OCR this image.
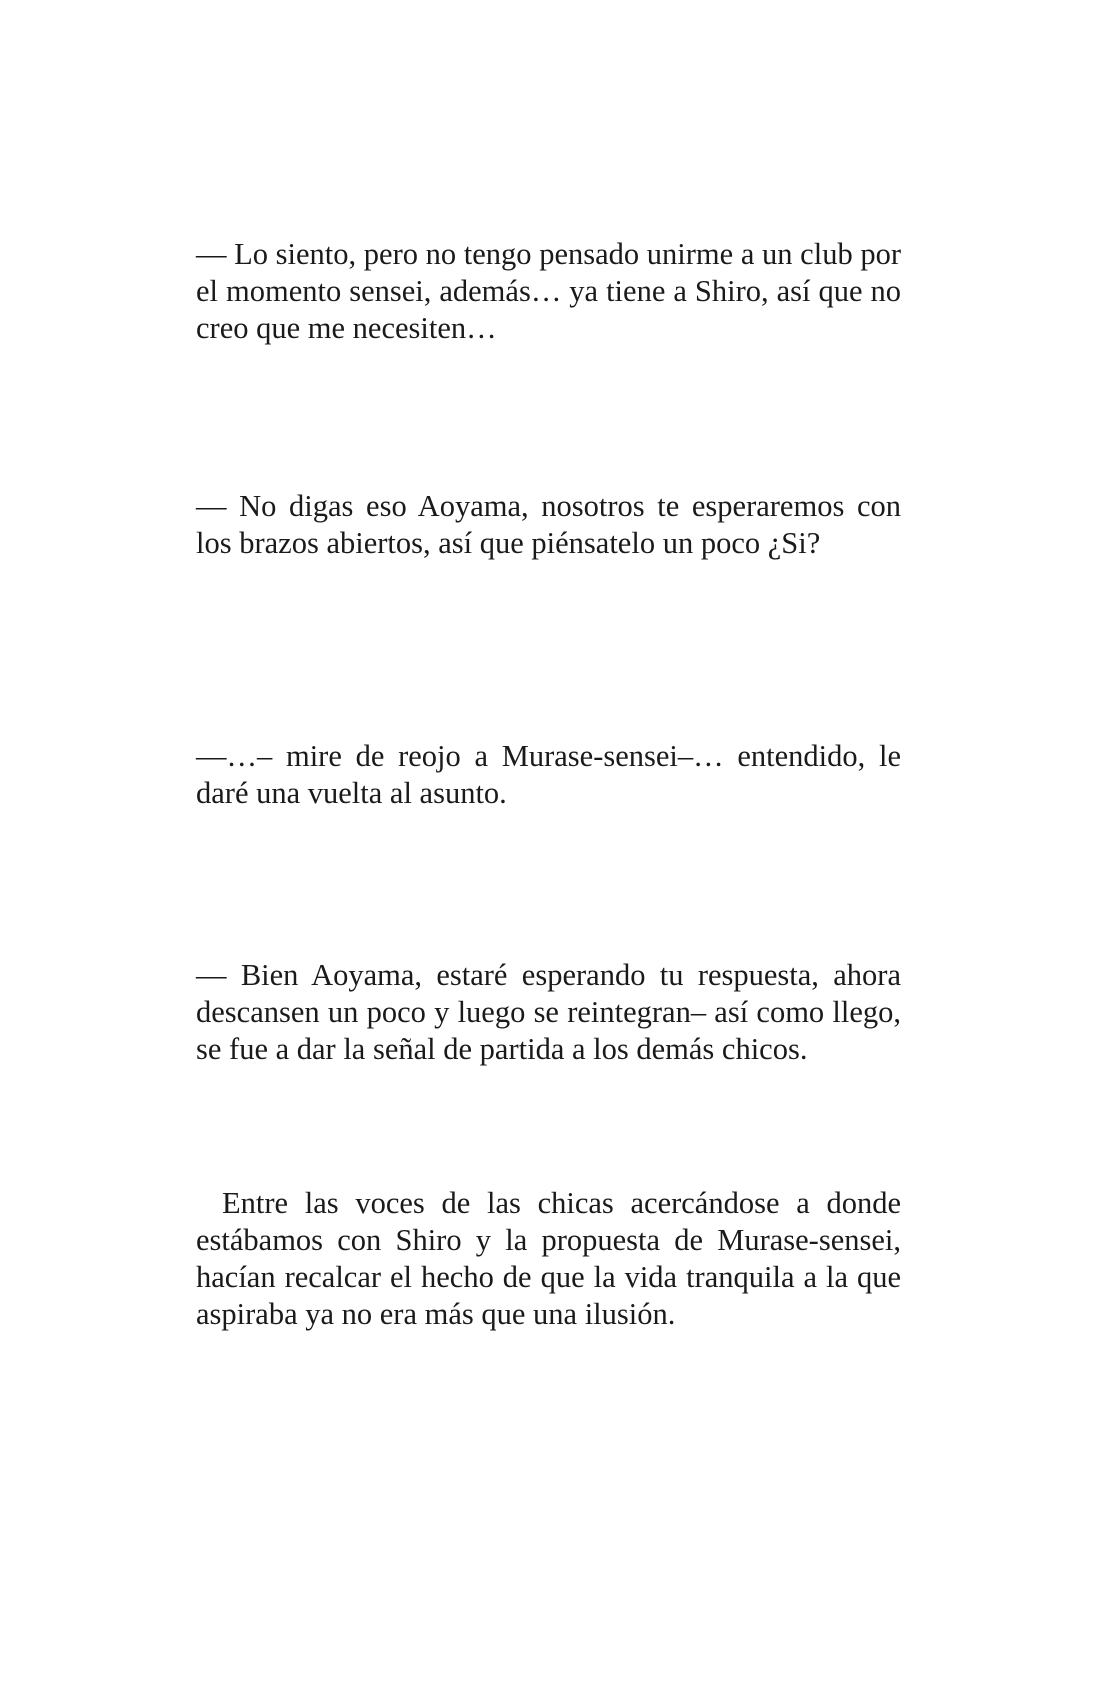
— Lo siento, pero no tengo pensado unirme a un club por el momento sensei, además… ya tiene a Shiro, así que no creo que me necesiten…

— No digas eso Aoyama, nosotros te esperaremos con los brazos abiertos, así que piénsatelo un poco ¿Si?

—…– mire de reojo a Murase-sensei–… entendido, le daré una vuelta al asunto.

— Bien Aoyama, estaré esperando tu respuesta, ahora descansen un poco y luego se reintegran– así como llego, se fue a dar la señal de partida a los demás chicos.

Entre las voces de las chicas acercándose a donde estábamos con Shiro y la propuesta de Murase-sensei, hacían recalcar el hecho de que la vida tranquila a la que aspiraba ya no era más que una ilusión.
